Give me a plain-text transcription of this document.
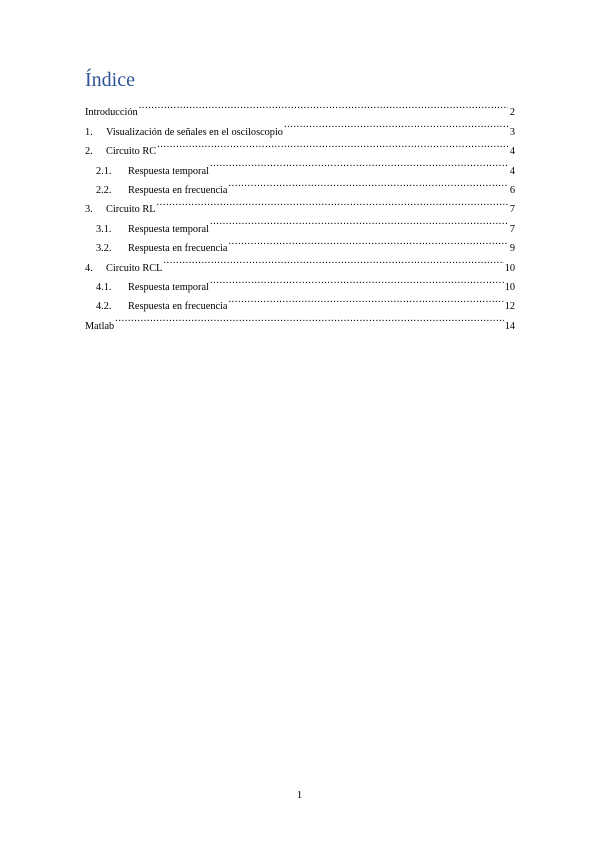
Índice
Introducción .....	2
1.	Visualización de señales en el osciloscopio .....	3
2.	Circuito RC .....	4
2.1.	Respuesta temporal .....	4
2.2.	Respuesta en frecuencia .....	6
3.	Circuito RL .....	7
3.1.	Respuesta temporal .....	7
3.2.	Respuesta en frecuencia .....	9
4.	Circuito RCL .....	10
4.1.	Respuesta temporal .....	10
4.2.	Respuesta en frecuencia .....	12
Matlab .....	14
1
